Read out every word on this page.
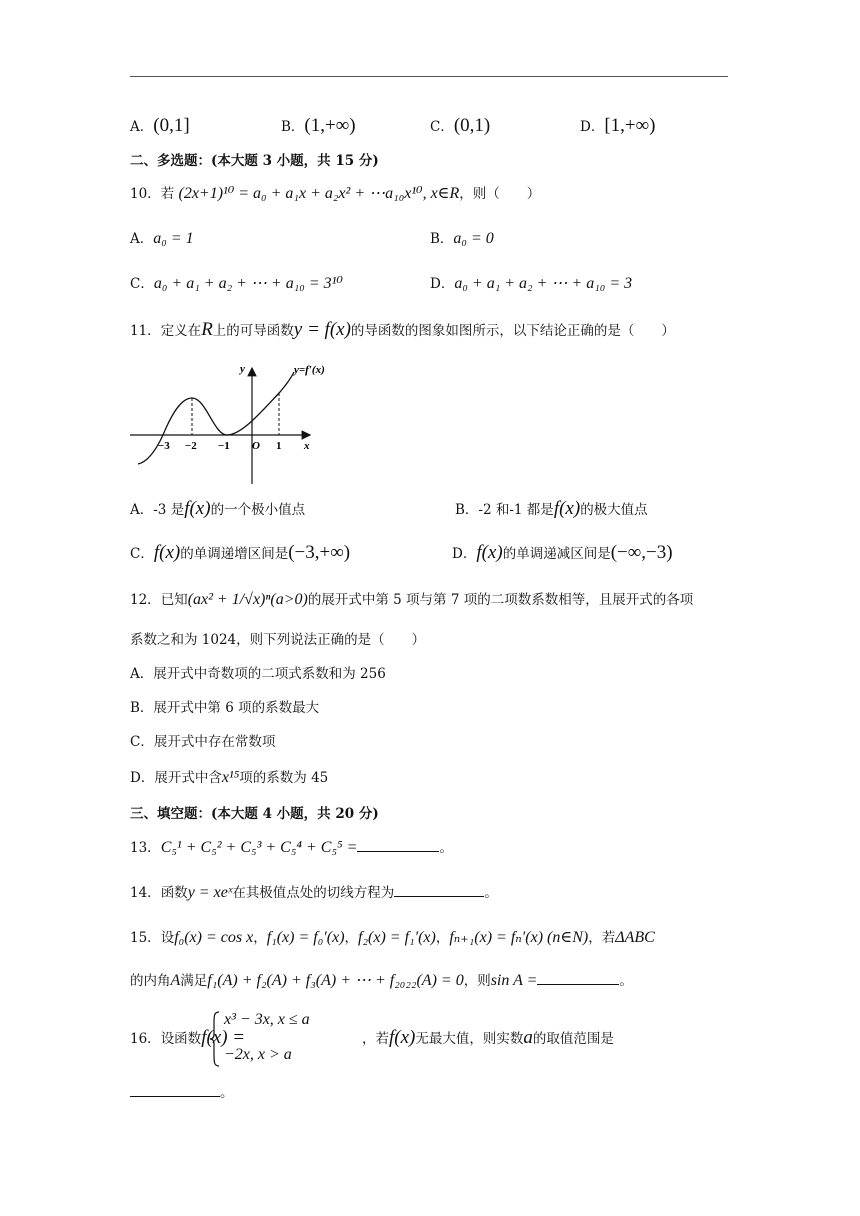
A．(0,1]	B．(1,+∞)	C．(0,1)	D．[1,+∞)
二、多选题：(本大题 3 小题，共 15 分)
10．若 (2x+1)¹⁰ = a₀ + a₁x + a₂x² + ⋯a₁₀x¹⁰, x∈R，则（　　）
A．a₀ = 1	B．a₀ = 0
C．a₀ + a₁ + a₂ + ⋯ + a₁₀ = 3¹⁰	D．a₀ + a₁ + a₂ + ⋯ + a₁₀ = 3
11．定义在R上的可导函数y = f(x)的导函数的图象如图所示，以下结论正确的是（　　）
y=f′(x)
y
x
O
−3 −2 −1	1
A．-3 是f(x)的一个极小值点	B．-2 和-1 都是f(x)的极大值点
C．f(x)的单调递增区间是(−3,+∞)	D．f(x)的单调递减区间是(−∞,−3)
12．已知(ax² + 1/√x)ⁿ(a>0)的展开式中第 5 项与第 7 项的二项数系数相等，且展开式的各项
系数之和为 1024，则下列说法正确的是（　　）
A．展开式中奇数项的二项式系数和为 256
B．展开式中第 6 项的系数最大
C．展开式中存在常数项
D．展开式中含x¹⁵项的系数为 45
三、填空题：(本大题 4 小题，共 20 分)
13．C₅¹ + C₅² + C₅³ + C₅⁴ + C₅⁵ =	。
14．函数y = xeˣ在其极值点处的切线方程为	。
15．设f₀(x) = cos x，f₁(x) = f₀′(x)，f₂(x) = f₁′(x)，fₙ₊₁(x) = fₙ′(x) (n∈N)，若ΔABC
的内角A满足f₁(A) + f₂(A) + f₃(A) + ⋯ + f₂₀₂₂(A) = 0，则sin A =	。
16．设函数f(x) =
x³ − 3x, x ≤ a
−2x, x > a
，若f(x)无最大值，则实数a的取值范围是
。
